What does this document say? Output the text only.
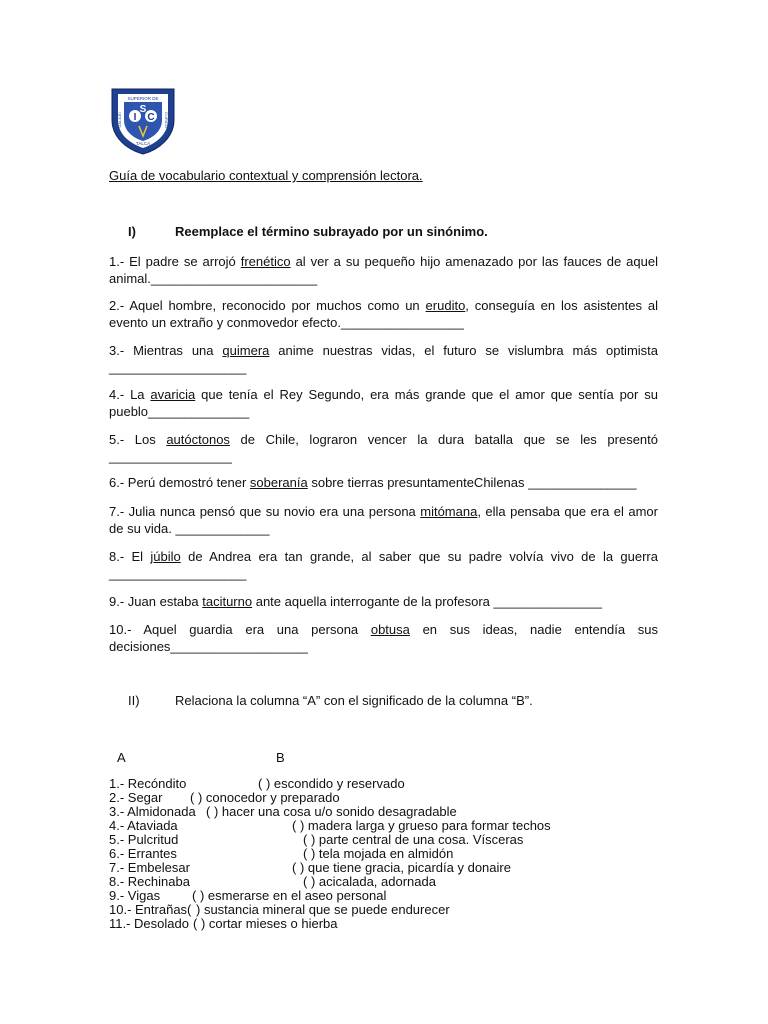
SUPERIOR DE
GALILEI	CURICO
I
S
C
TALCA
Guía de vocabulario contextual y comprensión lectora.
I)	Reemplace el término subrayado por un sinónimo.
1.- El padre se arrojó frenético al ver a su pequeño hijo amenazado por las fauces de aquel
animal._______________________
2.- Aquel hombre, reconocido por muchos como un erudito, conseguía en los asistentes al
evento un extraño y conmovedor efecto._________________
3.- Mientras una quimera anime nuestras vidas, el futuro se vislumbra más optimista
___________________
4.- La avaricia que tenía el Rey Segundo, era más grande que el amor que sentía por su
pueblo______________
5.- Los autóctonos de Chile, lograron vencer la dura batalla que se les presentó
_________________
6.- Perú demostró tener soberanía sobre tierras presuntamenteChilenas _______________
7.- Julia nunca pensó que su novio era una persona mitómana, ella pensaba que era el amor
de su vida. _____________
8.- El júbilo de Andrea era tan grande, al saber que su padre volvía vivo de la guerra
___________________
9.- Juan estaba taciturno ante aquella interrogante de la profesora _______________
10.- Aquel guardia era una persona obtusa en sus ideas, nadie entendía sus
decisiones___________________
II)	Relaciona la columna “A” con el significado de la columna “B”.
A	B
1.- Recóndito	( ) escondido y reservado
2.- Segar ( ) conocedor y preparado
3.- Almidonada ( ) hacer una cosa u/o sonido desagradable
4.- Ataviada	( ) madera larga y grueso para formar techos
5.- Pulcritud	( ) parte central de una cosa. Vísceras
6.- Errantes	( ) tela mojada en almidón
7.- Embelesar	( ) que tiene gracia, picardía y donaire
8.- Rechinaba	( ) acicalada, adornada
9.- Vigas ( ) esmerarse en el aseo personal
10.- Entrañas( ) sustancia mineral que se puede endurecer
11.- Desolado ( ) cortar mieses o hierba
